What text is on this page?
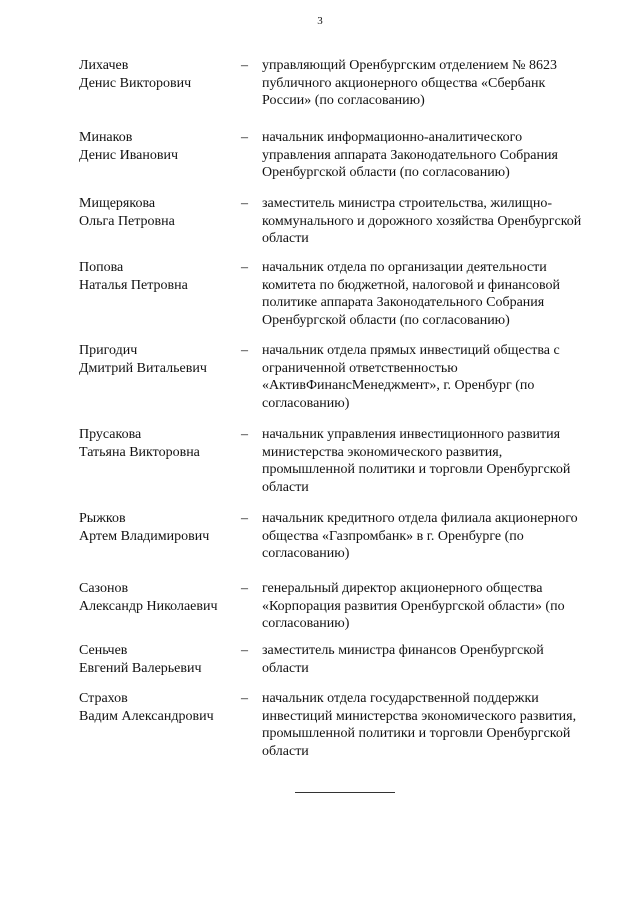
3
Лихачев
Денис Викторович
–	управляющий Оренбургским отделением № 8623 публичного акционерного общества «Сбербанк России» (по согласованию)
Минаков
Денис Иванович
–	начальник информационно-аналитического управления аппарата Законодательного Собрания Оренбургской области (по согласованию)
Мищерякова
Ольга Петровна
–	заместитель министра строительства, жилищно-коммунального и дорожного хозяйства Оренбургской области
Попова
Наталья Петровна
–	начальник отдела по организации деятельности комитета по бюджетной, налоговой и финансовой политике аппарата Законодательного Собрания Оренбургской области (по согласованию)
Пригодич
Дмитрий Витальевич
–	начальник отдела прямых инвестиций общества с ограниченной ответственностью «АктивФинансМенеджмент», г. Оренбург (по согласованию)
Прусакова
Татьяна Викторовна
–	начальник управления инвестиционного развития министерства экономического развития, промышленной политики и торговли Оренбургской области
Рыжков
Артем Владимирович
–	начальник кредитного отдела филиала акционерного общества «Газпромбанк» в г. Оренбурге (по согласованию)
Сазонов
Александр Николаевич
–	генеральный директор акционерного общества «Корпорация развития Оренбургской области» (по согласованию)
Сеньчев
Евгений Валерьевич
–	заместитель министра финансов Оренбургской области
Страхов
Вадим Александрович
–	начальник отдела государственной поддержки инвестиций министерства экономического развития, промышленной политики и торговли Оренбургской области
